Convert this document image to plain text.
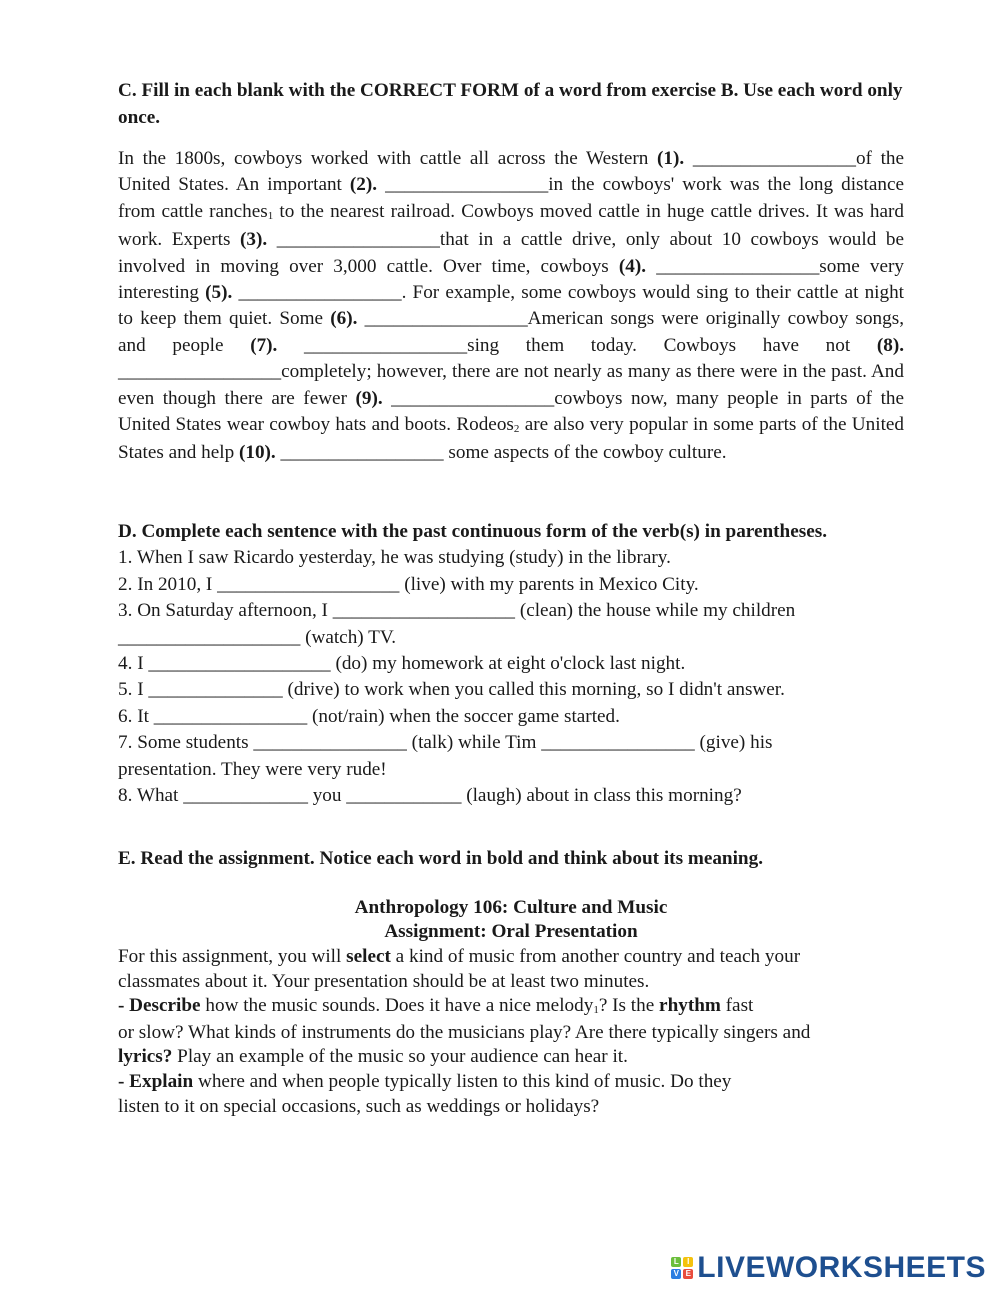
C. Fill in each blank with the CORRECT FORM of a word from exercise B. Use each word only once.

In the 1800s, cowboys worked with cattle all across the Western (1). _________________of the United States. An important (2). _________________in the cowboys' work was the long distance from cattle ranches$_1$ to the nearest railroad. Cowboys moved cattle in huge cattle drives. It was hard work. Experts (3). _________________that in a cattle drive, only about 10 cowboys would be involved in moving over 3,000 cattle. Over time, cowboys (4). _________________some very interesting (5). _________________. For example, some cowboys would sing to their cattle at night to keep them quiet. Some (6). _________________American songs were originally cowboy songs, and people (7). _________________sing them today. Cowboys have not (8). _________________completely; however, there are not nearly as many as there were in the past. And even though there are fewer (9). _________________cowboys now, many people in parts of the United States wear cowboy hats and boots. Rodeos$_2$ are also very popular in some parts of the United States and help (10). _________________ some aspects of the cowboy culture.

D. Complete each sentence with the past continuous form of the verb(s) in parentheses.

1. When I saw Ricardo yesterday, he was studying (study) in the library.
2. In 2010, I ___________________ (live) with my parents in Mexico City.
3. On Saturday afternoon, I ___________________ (clean) the house while my children
___________________ (watch) TV.
4. I ___________________ (do) my homework at eight o'clock last night.
5. I ______________ (drive) to work when you called this morning, so I didn't answer.
6. It ________________ (not/rain) when the soccer game started.
7. Some students ________________ (talk) while Tim ________________ (give) his
presentation. They were very rude!
8. What _____________ you ____________ (laugh) about in class this morning?

E. Read the assignment. Notice each word in bold and think about its meaning.

Anthropology 106: Culture and Music
Assignment: Oral Presentation
For this assignment, you will select a kind of music from another country and teach your
classmates about it. Your presentation should be at least two minutes.
- Describe how the music sounds. Does it have a nice melody$_1$? Is the rhythm fast
or slow? What kinds of instruments do the musicians play? Are there typically singers and
lyrics? Play an example of the music so your audience can hear it.
- Explain where and when people typically listen to this kind of music. Do they
listen to it on special occasions, such as weddings or holidays?
L	I
V E LIVEWORKSHEETS
